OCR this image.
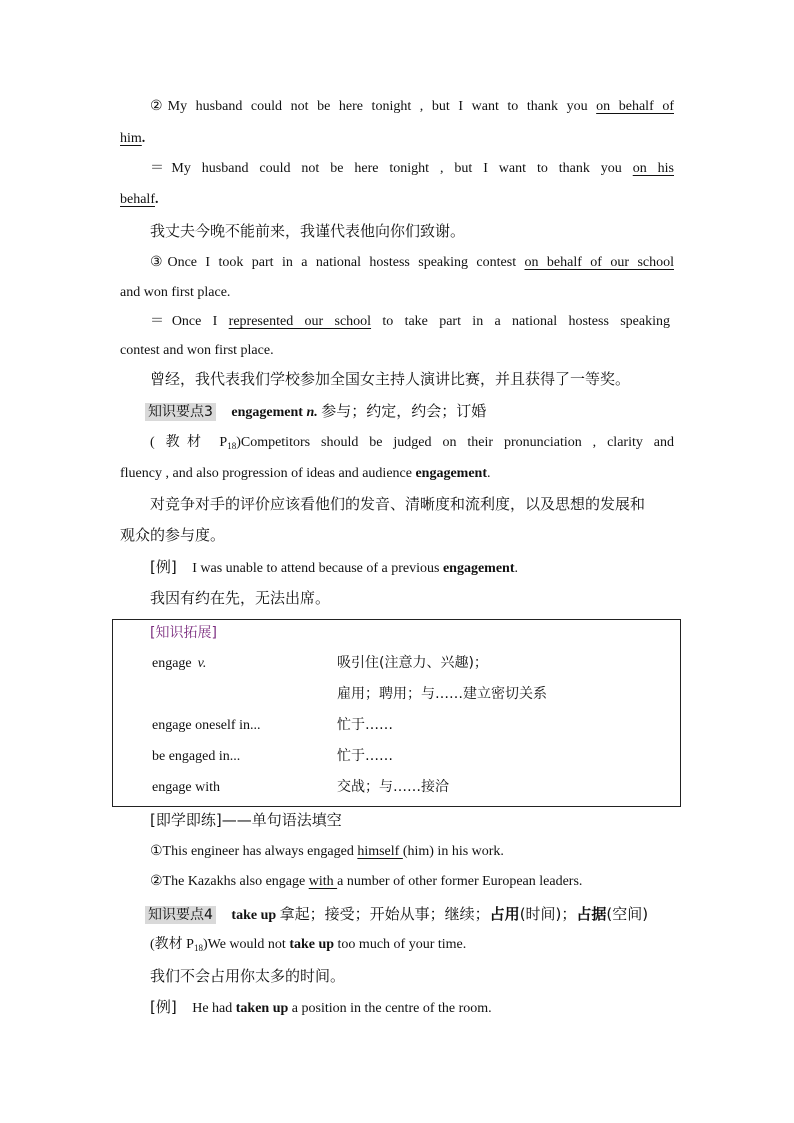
②My husband could not be here tonight , but I want to thank you on behalf of
him.
＝My husband could not be here tonight , but I want to thank you on his
behalf.
我丈夫今晚不能前来，我谨代表他向你们致谢。
③Once I took part in a national hostess speaking contest on behalf of our school
and won first place.
＝Once I represented our school to take part in a national hostess speaking
contest and won first place.
曾经，我代表我们学校参加全国女主持人演讲比赛，并且获得了一等奖。
知识要点3 engagement n. 参与；约定，约会；订婚
( 教材 $P_{18})Competitors$ should be judged on their pronunciation , clarity and
fluency , and also progression of ideas and audience engagement.
对竞争对手的评价应该看他们的发音、清晰度和流利度，以及思想的发展和
观众的参与度。
[例] I was unable to attend because of a previous engagement.
我因有约在先，无法出席。
[知识拓展]
engage v.	吸引住(注意力、兴趣)；
雇用；聘用；与……建立密切关系
engage oneself in...	忙于……
be engaged in...	忙于……
engage with	交战；与……接洽
[即学即练]——单句语法填空
①This engineer has always engaged himself (him) in his work.
②The Kazakhs also engage with a number of other former European leaders.
知识要点4 take up 拿起；接受；开始从事；继续；占用(时间)；占据(空间)
(教材 $P_{18})We$ would not take up too much of your time.
我们不会占用你太多的时间。
[例] He had taken up a position in the centre of the room.
